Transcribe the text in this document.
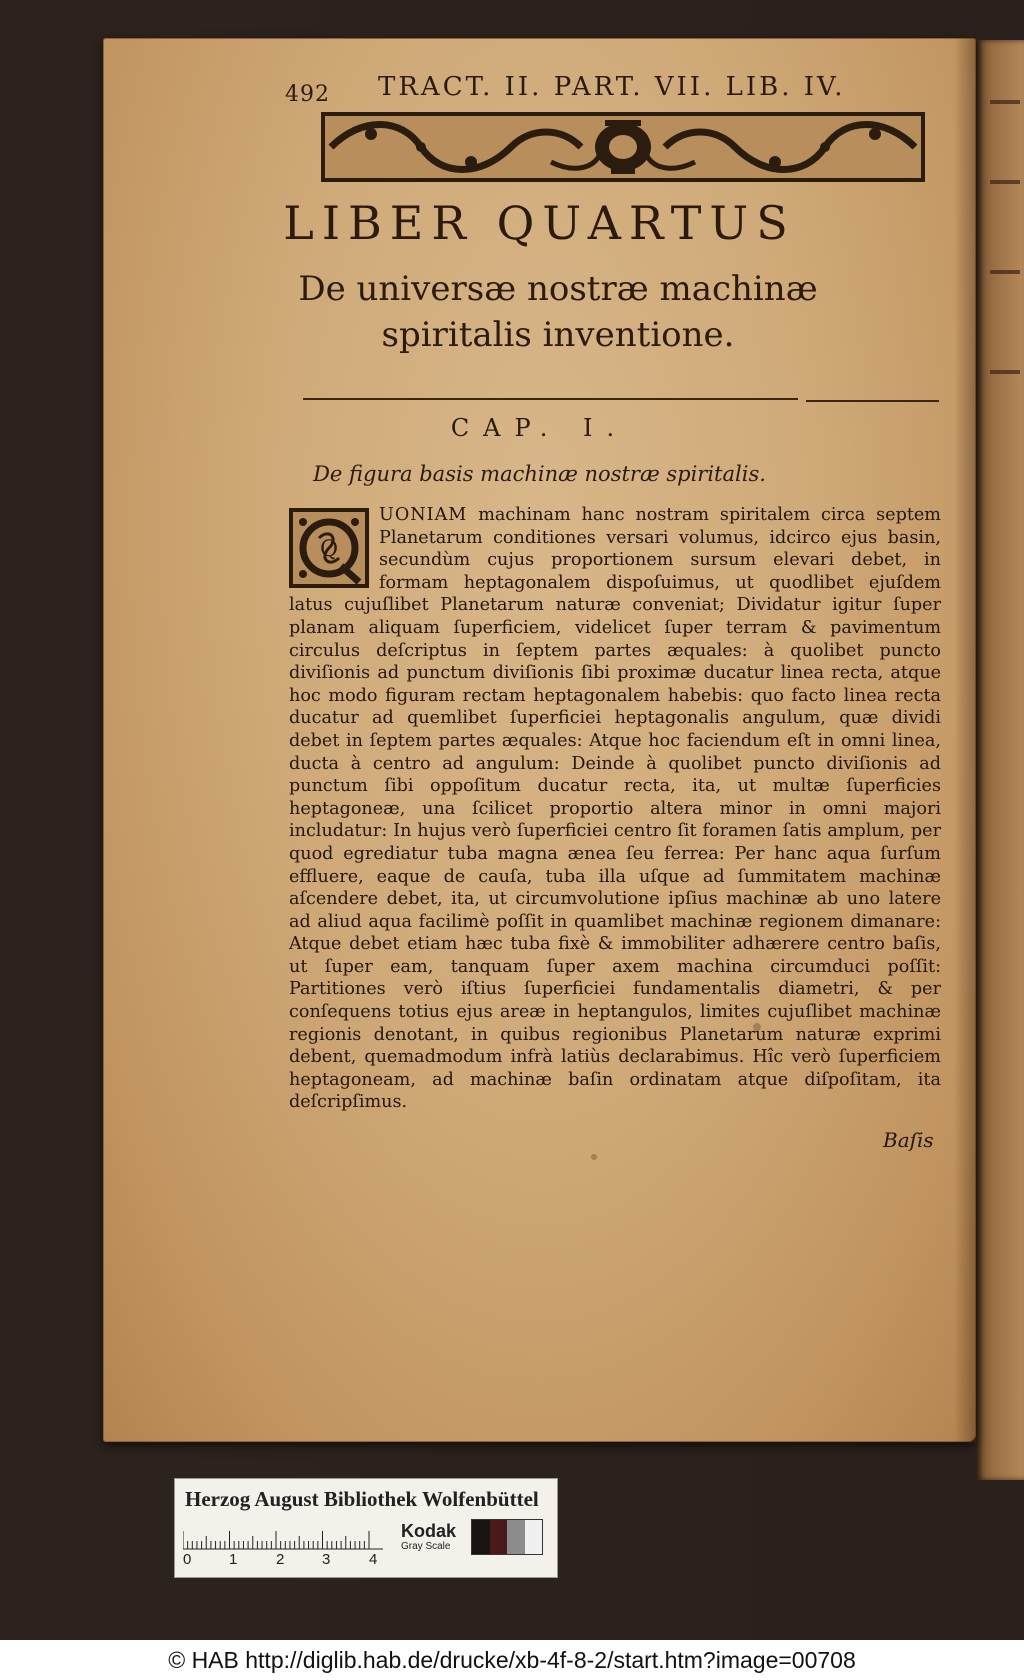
492 TRACT. II. PART. VII. LIB. IV.
LIBER QUARTUS
De universæ nostræ machinæ spiritalis inventione.
CAP. I.
De figura basis machinæ nostræ spiritalis.
Q
UONIAM machinam hanc nostram spiritalem circa septem Planetarum conditiones versari volumus, idcirco ejus basin, secundùm cujus proportionem sursum elevari debet, in formam heptagonalem dispoſuimus, ut quodlibet ejuſdem latus cujuſlibet Planetarum naturæ conveniat; Dividatur igitur ſuper planam aliquam ſuperficiem, videlicet ſuper terram & pavimentum circulus deſcriptus in ſeptem partes æquales: à quolibet puncto diviſionis ad punctum diviſionis ſibi proximæ ducatur linea recta, atque hoc modo figuram rectam heptagonalem habebis: quo facto linea recta ducatur ad quemlibet ſuperficiei heptagonalis angulum, quæ dividi debet in ſeptem partes æquales: Atque hoc faciendum eſt in omni linea, ducta à centro ad angulum: Deinde à quolibet puncto diviſionis ad punctum ſibi oppoſitum ducatur recta, ita, ut multæ ſuperficies heptagoneæ, una ſcilicet proportio altera minor in omni majori includatur: In hujus verò ſuperficiei centro ſit foramen ſatis amplum, per quod egrediatur tuba magna ænea ſeu ferrea: Per hanc aqua ſurſum effluere, eaque de cauſa, tuba illa uſque ad ſummitatem machinæ aſcendere debet, ita, ut circumvolutione ipſius machinæ ab uno latere ad aliud aqua facilimè poſſit in quamlibet machinæ regionem dimanare: Atque debet etiam hæc tuba fixè & immobiliter adhærere centro baſis, ut ſuper eam, tanquam ſuper axem machina circumduci poſſit: Partitiones verò iſtius ſuperficiei fundamentalis diametri, & per conſequens totius ejus areæ in heptangulos, limites cujuſlibet machinæ regionis denotant, in quibus regionibus Planetarum naturæ exprimi debent, quemadmodum infrà latiùs declarabimus. Hîc verò ſuperficiem heptagoneam, ad machinæ baſin ordinatam atque diſpoſitam, ita deſcripſimus.
Baſis
Herzog August Bibliothek Wolfenbüttel
0	1	2	3	4
Kodak
Gray Scale
© HAB http://diglib.hab.de/drucke/xb-4f-8-2/start.htm?image=00708
